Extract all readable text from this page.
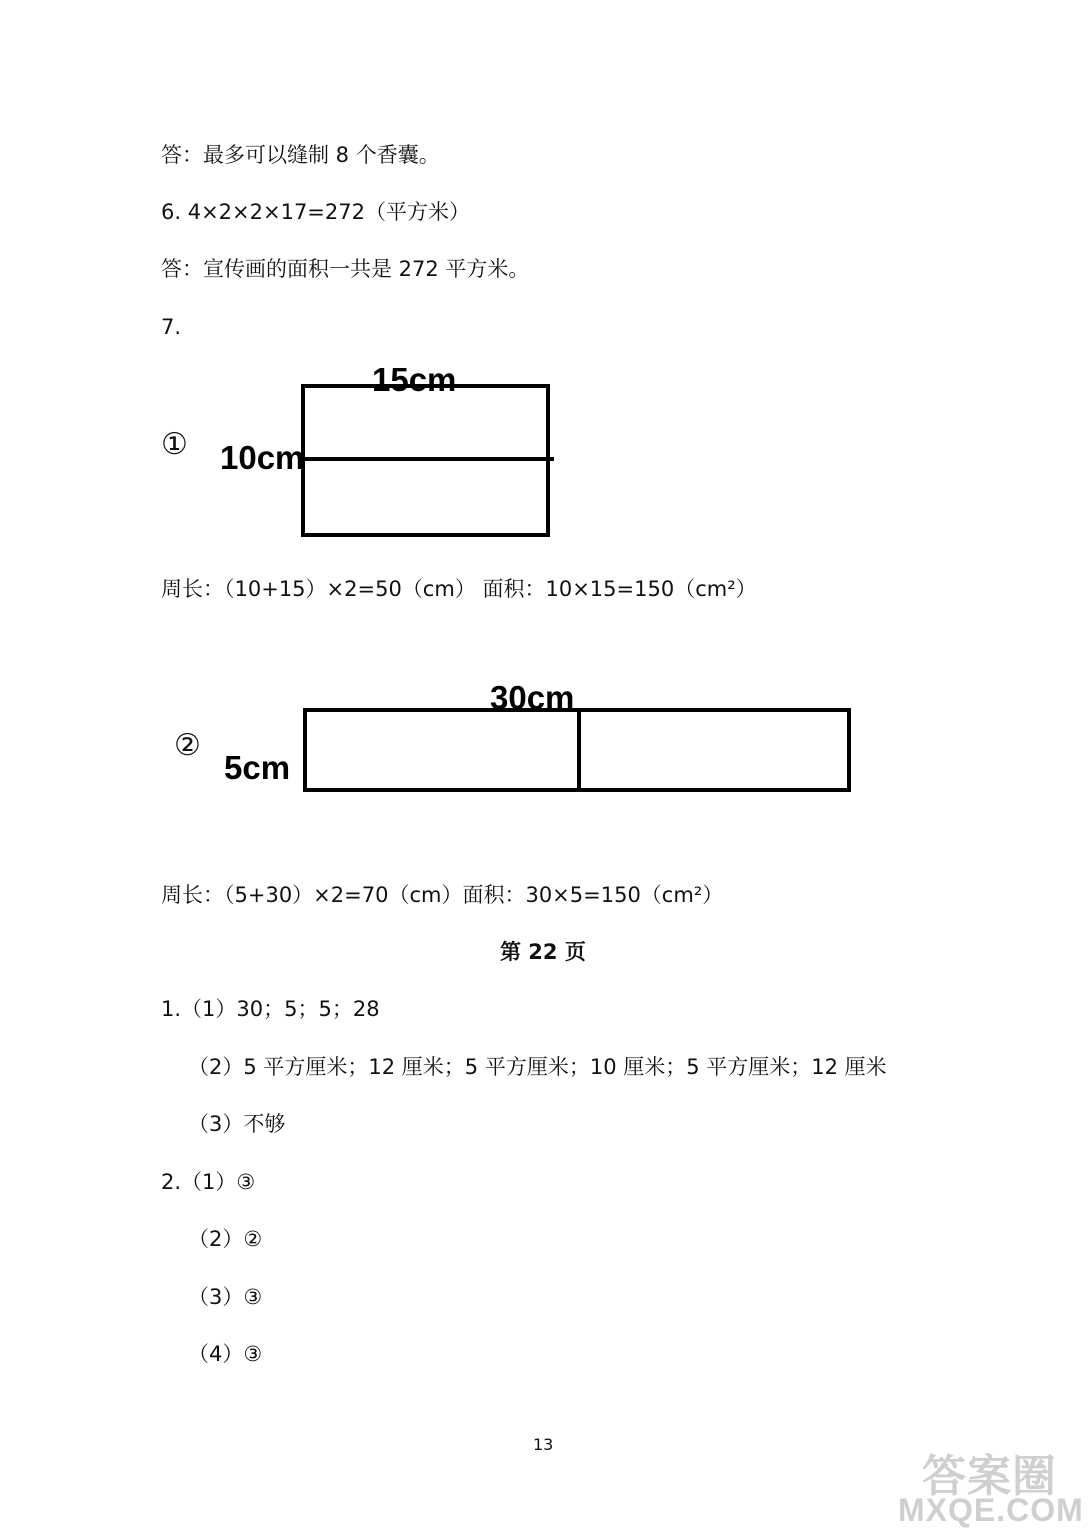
答：最多可以缝制 8 个香囊。
6. 4×2×2×17=272（平方米）
答：宣传画的面积一共是 272 平方米。
7.
①
15cm
10cm
周长：（10+15）×2=50（cm） 面积：10×15=150（cm²）
②
30cm
5cm
周长：（5+30）×2=70（cm）面积：30×5=150（cm²）
第 22 页
1.（1）30；5；5；28
（2）5 平方厘米；12 厘米；5 平方厘米；10 厘米；5 平方厘米；12 厘米
（3）不够
2.（1）③
（2）②
（3）③
（4）③
13
答案圈
MXQE.COM
